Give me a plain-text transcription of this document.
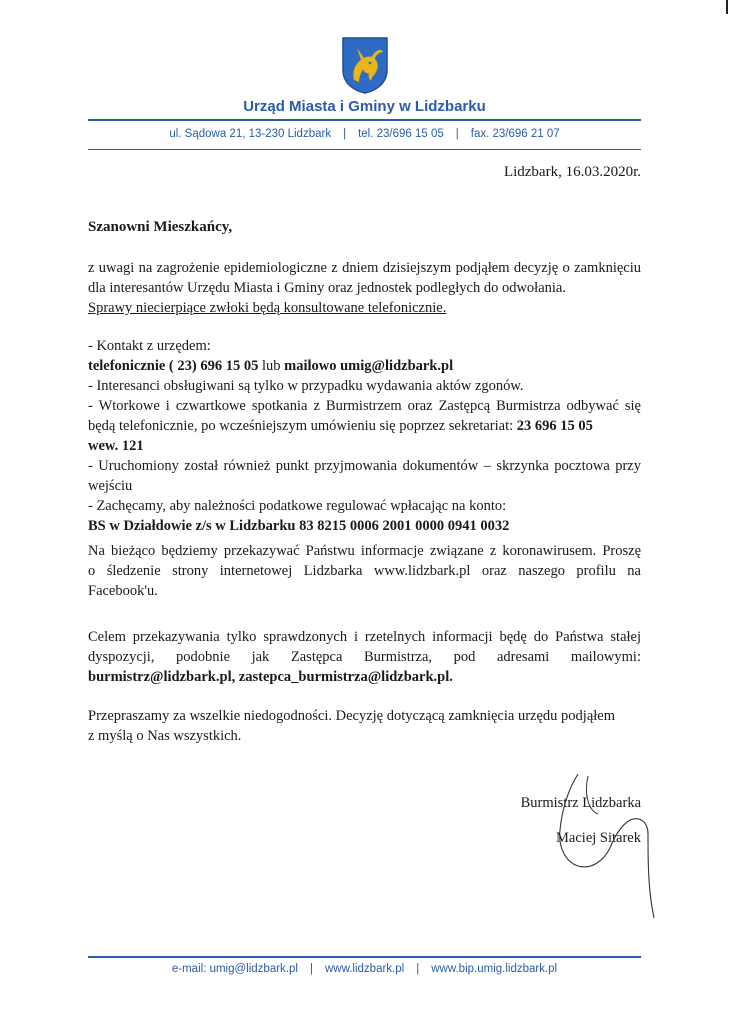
Urząd Miasta i Gminy w Lidzbarku
ul. Sądowa 21, 13-230 Lidzbark | tel. 23/696 15 05 | fax. 23/696 21 07
Lidzbark, 16.03.2020r.
Szanowni Mieszkańcy,

z uwagi na zagrożenie epidemiologiczne z dniem dzisiejszym podjąłem decyzję o zamknięciu

dla interesantów Urzędu Miasta i Gminy oraz jednostek podległych do odwołania.

Sprawy niecierpiące zwłoki będą konsultowane telefonicznie.

- Kontakt z urzędem:

telefonicznie ( 23) 696 15 05 lub mailowo umig@lidzbark.pl

- Interesanci obsługiwani są tylko w przypadku wydawania aktów zgonów.

- Wtorkowe i czwartkowe spotkania z Burmistrzem oraz Zastępcą Burmistrza odbywać się

będą telefonicznie, po wcześniejszym umówieniu się poprzez sekretariat: 23 696 15 05

wew. 121

- Uruchomiony został również punkt przyjmowania dokumentów – skrzynka pocztowa przy

wejściu

- Zachęcamy, aby należności podatkowe regulować wpłacając na konto:

BS w Działdowie z/s w Lidzbarku 83 8215 0006 2001 0000 0941 0032

Na bieżąco będziemy przekazywać Państwu informacje związane z koronawirusem. Proszę

o śledzenie strony internetowej Lidzbarka www.lidzbark.pl oraz naszego profilu na

Facebook'u.

Celem przekazywania tylko sprawdzonych i rzetelnych informacji będę do Państwa stałej

dyspozycji, podobnie jak Zastępca Burmistrza, pod adresami mailowymi:

burmistrz@lidzbark.pl, zastepca_burmistrza@lidzbark.pl.

Przepraszamy za wszelkie niedogodności. Decyzję dotyczącą zamknięcia urzędu podjąłem

z myślą o Nas wszystkich.

Burmistrz Lidzbarka
Maciej Sitarek
e-mail: umig@lidzbark.pl | www.lidzbark.pl | www.bip.umig.lidzbark.pl
